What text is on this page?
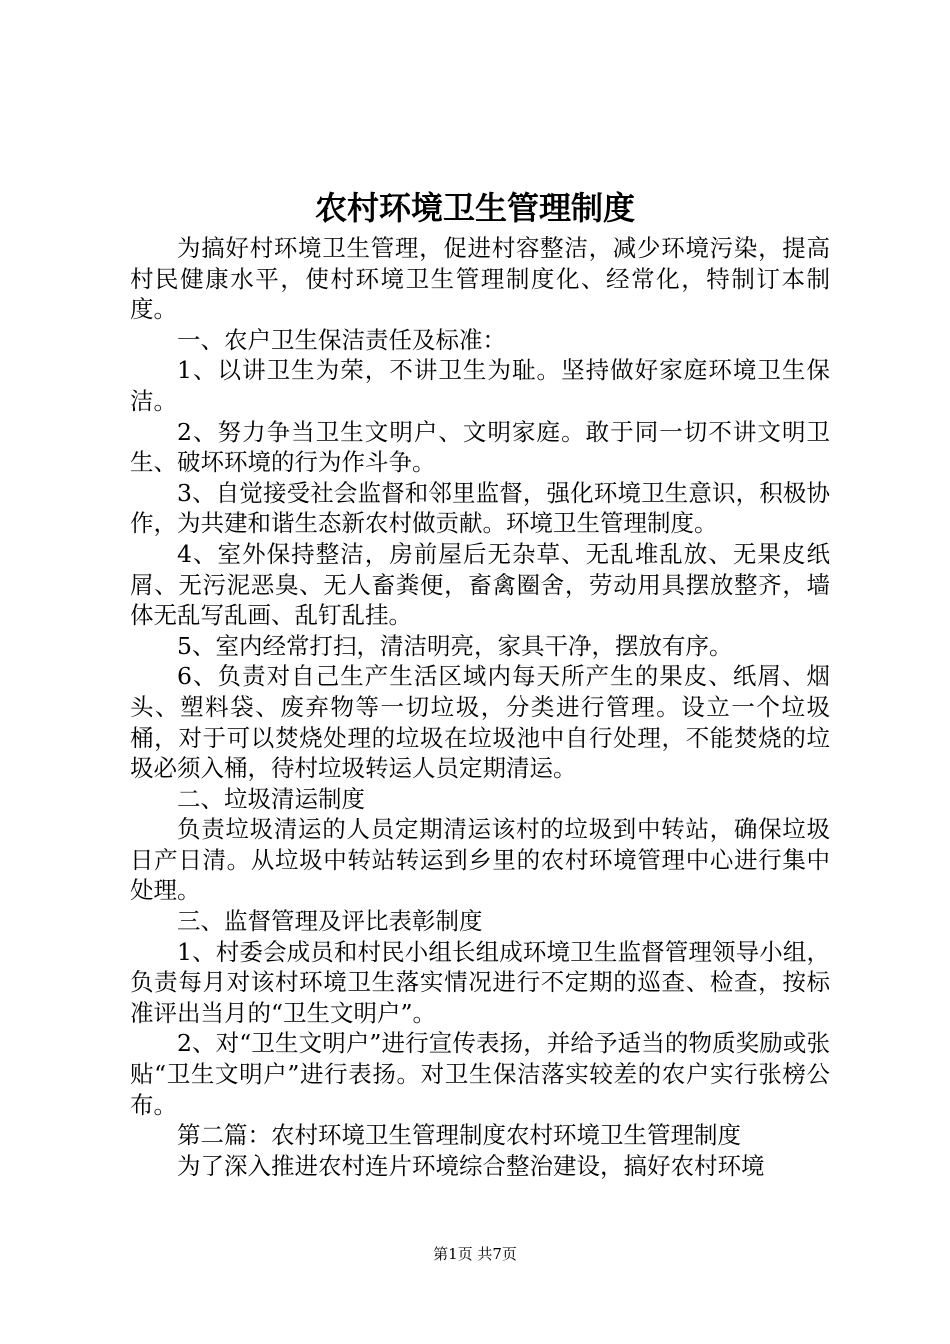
农村环境卫生管理制度

为搞好村环境卫生管理，促进村容整洁，减少环境污染，提高村民健康水平，使村环境卫生管理制度化、经常化，特制订本制度。

一、农户卫生保洁责任及标准：

1、以讲卫生为荣，不讲卫生为耻。坚持做好家庭环境卫生保洁。

2、努力争当卫生文明户、文明家庭。敢于同一切不讲文明卫生、破坏环境的行为作斗争。

3、自觉接受社会监督和邻里监督，强化环境卫生意识，积极协作，为共建和谐生态新农村做贡献。环境卫生管理制度。

4、室外保持整洁，房前屋后无杂草、无乱堆乱放、无果皮纸屑、无污泥恶臭、无人畜粪便，畜禽圈舍，劳动用具摆放整齐，墙体无乱写乱画、乱钉乱挂。

5、室内经常打扫，清洁明亮，家具干净，摆放有序。

6、负责对自己生产生活区域内每天所产生的果皮、纸屑、烟头、塑料袋、废弃物等一切垃圾，分类进行管理。设立一个垃圾桶，对于可以焚烧处理的垃圾在垃圾池中自行处理，不能焚烧的垃圾必须入桶，待村垃圾转运人员定期清运。

二、垃圾清运制度

负责垃圾清运的人员定期清运该村的垃圾到中转站，确保垃圾日产日清。从垃圾中转站转运到乡里的农村环境管理中心进行集中处理。

三、监督管理及评比表彰制度

1、村委会成员和村民小组长组成环境卫生监督管理领导小组，负责每月对该村环境卫生落实情况进行不定期的巡查、检查，按标准评出当月的“卫生文明户”。

2、对“卫生文明户”进行宣传表扬，并给予适当的物质奖励或张贴“卫生文明户”进行表扬。对卫生保洁落实较差的农户实行张榜公布。

第二篇：农村环境卫生管理制度农村环境卫生管理制度

为了深入推进农村连片环境综合整治建设，搞好农村环境

第1页 共7页
